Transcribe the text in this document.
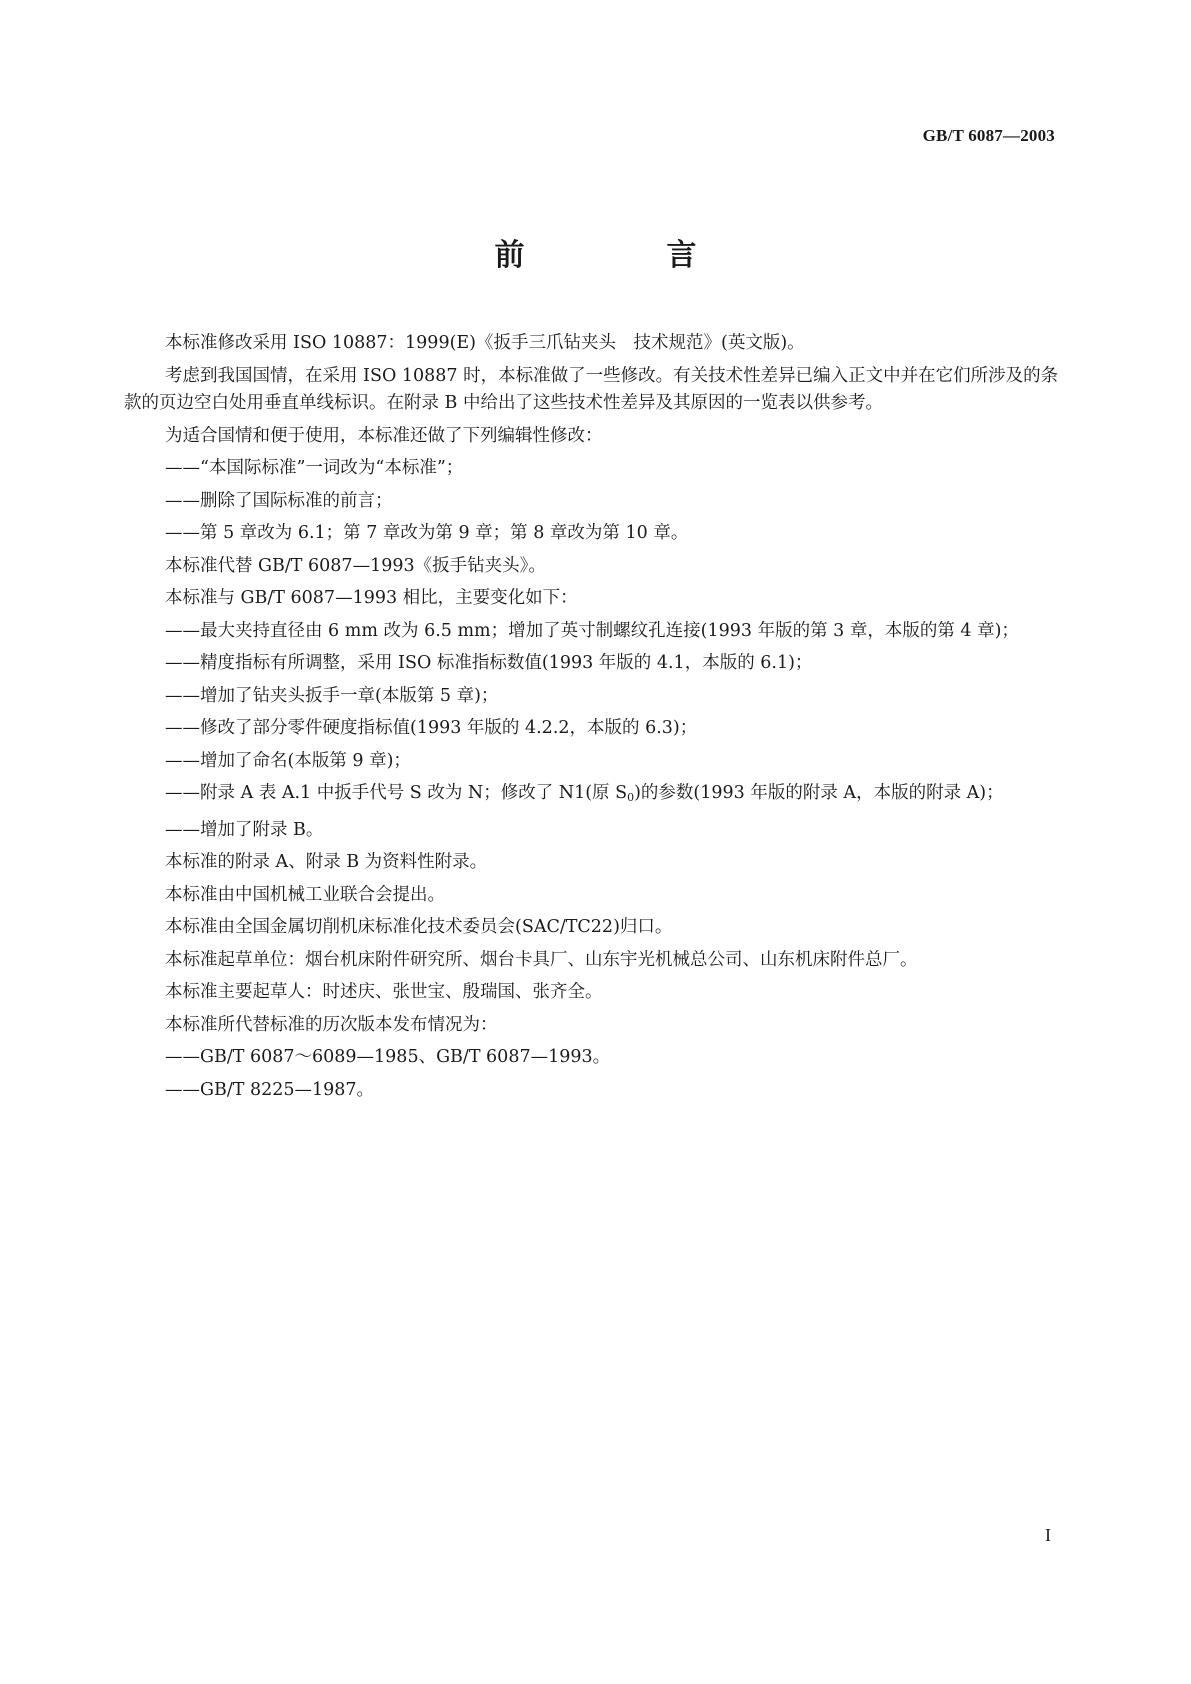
GB/T 6087—2003
前　言

本标准修改采用 ISO 10887：1999(E)《扳手三爪钻夹头　技术规范》(英文版)。

考虑到我国国情，在采用 ISO 10887 时，本标准做了一些修改。有关技术性差异已编入正文中并在它们所涉及的条款的页边空白处用垂直单线标识。在附录 B 中给出了这些技术性差异及其原因的一览表以供参考。

为适合国情和便于使用，本标准还做了下列编辑性修改：

——“本国际标准”一词改为“本标准”；

——删除了国际标准的前言；

——第 5 章改为 6.1；第 7 章改为第 9 章；第 8 章改为第 10 章。

本标准代替 GB/T 6087—1993《扳手钻夹头》。

本标准与 GB/T 6087—1993 相比，主要变化如下：

——最大夹持直径由 6 mm 改为 6.5 mm；增加了英寸制螺纹孔连接(1993 年版的第 3 章，本版的第 4 章)；

——精度指标有所调整，采用 ISO 标准指标数值(1993 年版的 4.1，本版的 6.1)；

——增加了钻夹头扳手一章(本版第 5 章)；

——修改了部分零件硬度指标值(1993 年版的 4.2.2，本版的 6.3)；

——增加了命名(本版第 9 章)；

——附录 A 表 A.1 中扳手代号 S 改为 N；修改了 N1(原 $S_0$)的参数(1993 年版的附录 A，本版的附录 A)；

——增加了附录 B。

本标准的附录 A、附录 B 为资料性附录。

本标准由中国机械工业联合会提出。

本标准由全国金属切削机床标准化技术委员会(SAC/TC22)归口。

本标准起草单位：烟台机床附件研究所、烟台卡具厂、山东宇光机械总公司、山东机床附件总厂。

本标准主要起草人：时述庆、张世宝、殷瑞国、张齐全。

本标准所代替标准的历次版本发布情况为：

——GB/T 6087～6089—1985、GB/T 6087—1993。

——GB/T 8225—1987。

I
